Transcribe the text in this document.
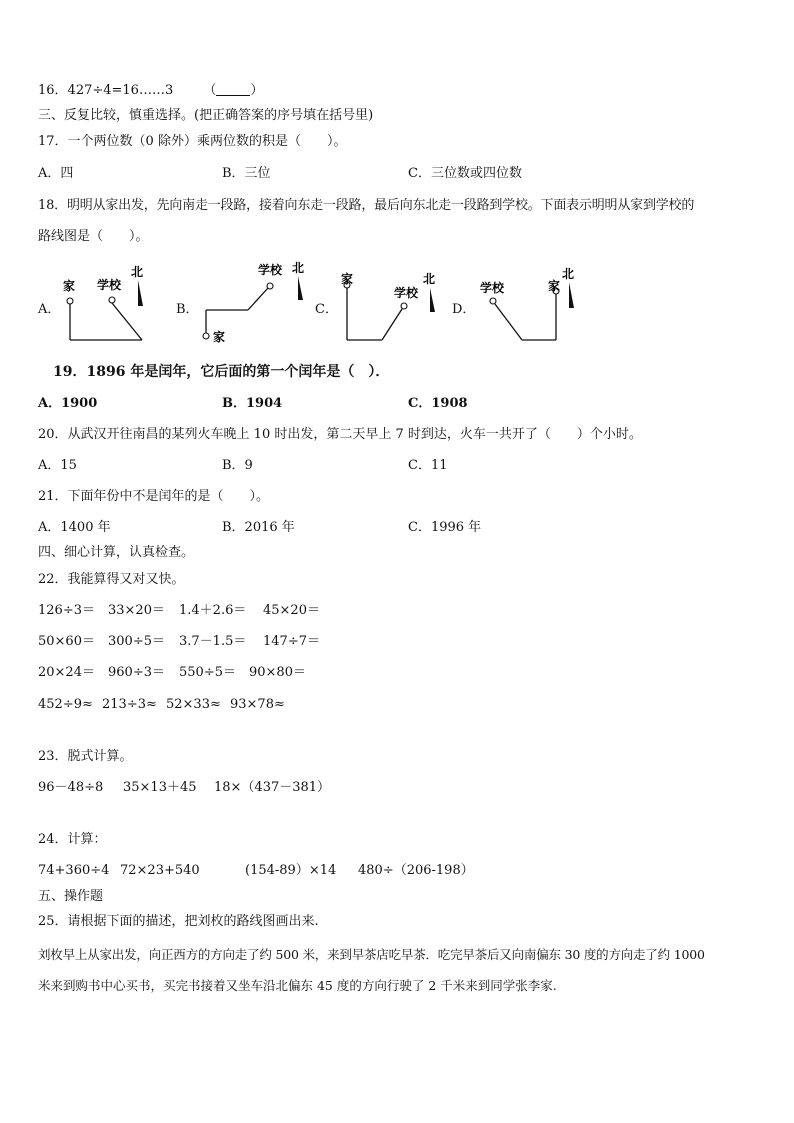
16．427÷4=16……3 （	）
三、反复比较，慎重选择。(把正确答案的序号填在括号里)
17．一个两位数（0 除外）乘两位数的积是（　　）。
A．四	B．三位	C．三位数或四位数
18．明明从家出发，先向南走一段路，接着向东走一段路，最后向东北走一段路到学校。下面表示明明从家到学校的
路线图是（　　）。
家 学校
北
家
学校 北
家
学校
北	家
学校
北
A．	B．	C．	D．
19．1896 年是闰年，它后面的第一个闰年是（　）．
A．1900	B．1904	C．1908
20．从武汉开往南昌的某列火车晚上 10 时出发，第二天早上 7 时到达，火车一共开了（　　）个小时。
A．15	B．9	C．11
21．下面年份中不是闰年的是（　　）。
A．1400 年	B．2016 年	C．1996 年
四、细心计算，认真检查。
22．我能算得又对又快。
126÷3＝ 33×20＝ 1.4＋2.6＝ 45×20＝
50×60＝ 300÷5＝ 3.7－1.5＝ 147÷7＝
20×24＝ 960÷3＝ 550÷5＝ 90×80＝
452÷9≈ 213÷3≈ 52×33≈ 93×78≈
23．脱式计算。
96－48÷8 35×13＋45 18×（437－381）
24．计算：
74+360÷4 72×23+540	(154-89）×14 480÷（206-198）
五、操作题
25．请根据下面的描述，把刘枚的路线图画出来.
刘枚早上从家出发，向正西方的方向走了约 500 米，来到早茶店吃早茶．吃完早茶后又向南偏东 30 度的方向走了约 1000
米来到购书中心买书，买完书接着又坐车沿北偏东 45 度的方向行驶了 2 千米来到同学张李家.
